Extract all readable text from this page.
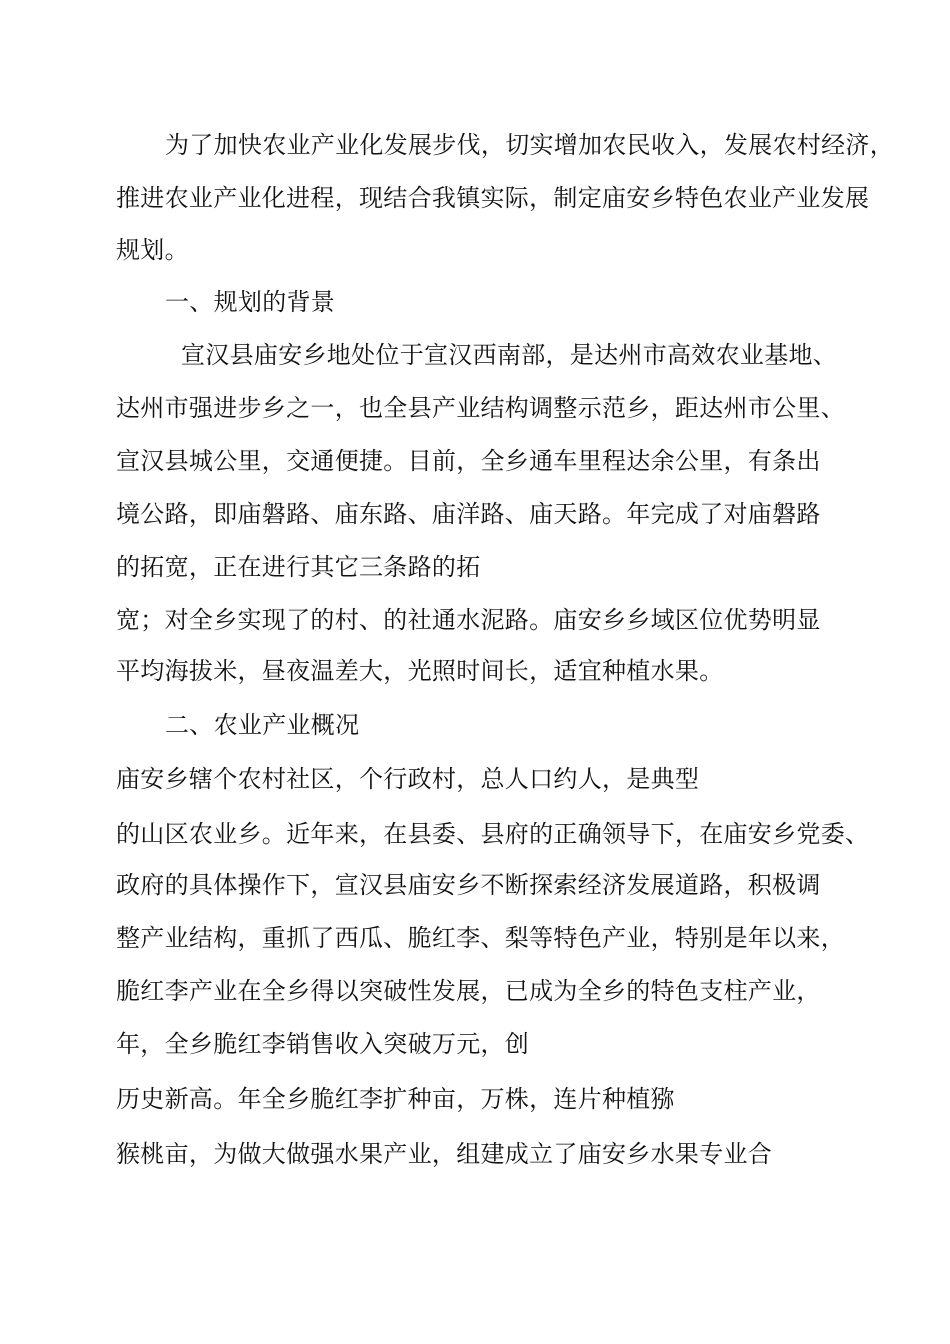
为了加快农业产业化发展步伐，切实增加农民收入，发展农村经济，
推进农业产业化进程，现结合我镇实际，制定庙安乡特色农业产业发展
规划。
一、规划的背景
宣汉县庙安乡地处位于宣汉西南部，是达州市高效农业基地、
达州市强进步乡之一，也全县产业结构调整示范乡，距达州市公里、
宣汉县城公里，交通便捷。目前，全乡通车里程达余公里，有条出
境公路，即庙磐路、庙东路、庙洋路、庙天路。年完成了对庙磐路
的拓宽，正在进行其它三条路的拓
宽；对全乡实现了的村、的社通水泥路。庙安乡乡域区位优势明显
平均海拔米，昼夜温差大，光照时间长，适宜种植水果。
二、农业产业概况
庙安乡辖个农村社区，个行政村，总人口约人，是典型
的山区农业乡。近年来，在县委、县府的正确领导下，在庙安乡党委、
政府的具体操作下，宣汉县庙安乡不断探索经济发展道路，积极调
整产业结构，重抓了西瓜、脆红李、梨等特色产业，特别是年以来，
脆红李产业在全乡得以突破性发展，已成为全乡的特色支柱产业，
年，全乡脆红李销售收入突破万元，创
历史新高。年全乡脆红李扩种亩，万株，连片种植猕
猴桃亩，为做大做强水果产业，组建成立了庙安乡水果专业合
